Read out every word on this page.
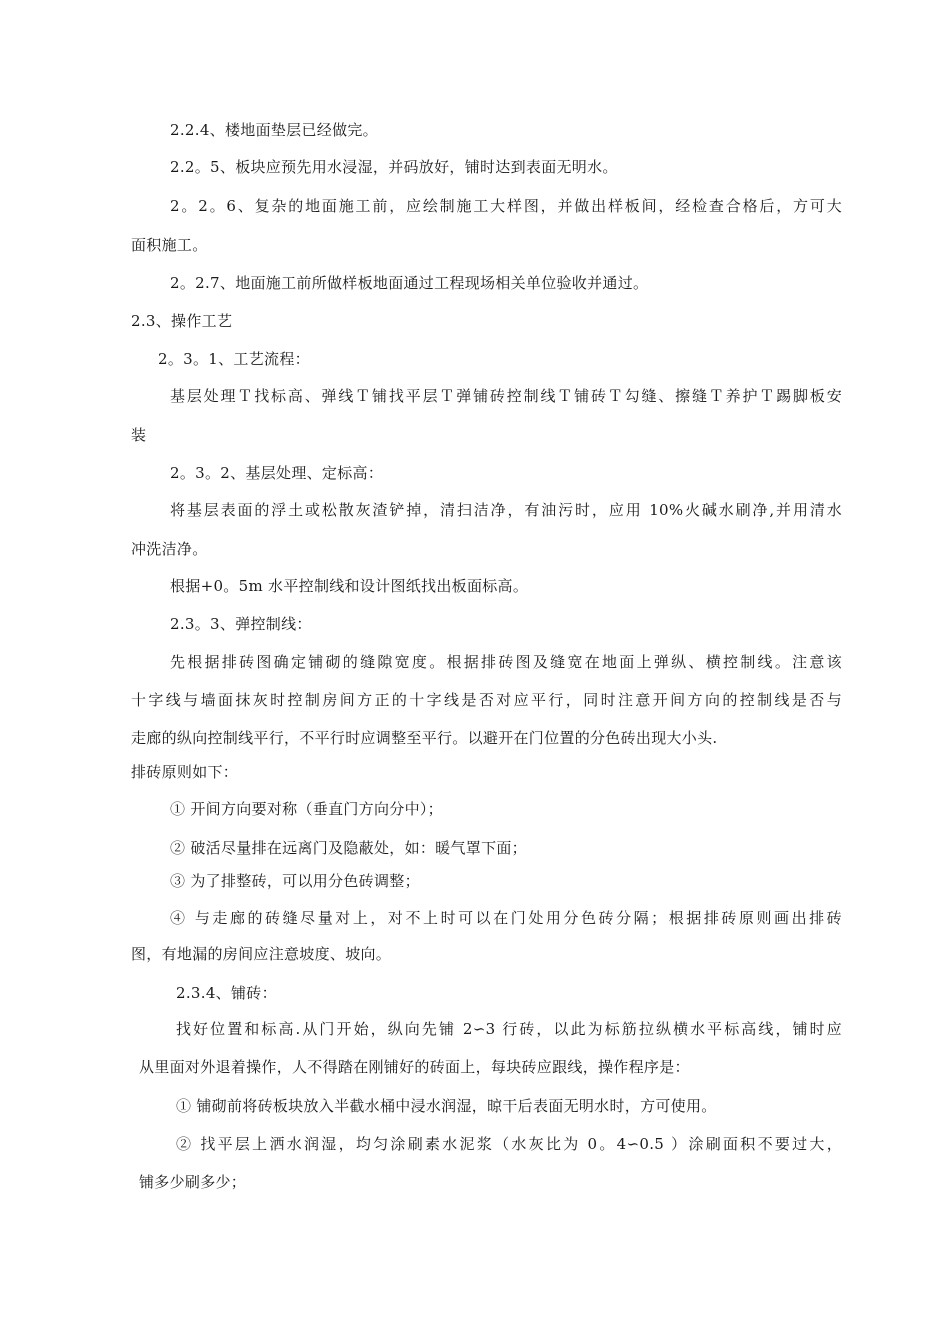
2.2.4、楼地面垫层已经做完。
2.2。5、板块应预先用水浸湿，并码放好，铺时达到表面无明水。
2。2。6、复杂的地面施工前，应绘制施工大样图，并做出样板间，经检查合格后，方可大
面积施工。
2。2.7、地面施工前所做样板地面通过工程现场相关单位验收并通过。
2.3、操作工艺
2。3。1、工艺流程：
基层处理Ｔ找标高、弹线Ｔ铺找平层Ｔ弹铺砖控制线Ｔ铺砖Ｔ勾缝、擦缝Ｔ养护Ｔ踢脚板安
装
2。3。2、基层处理、定标高：
将基层表面的浮土或松散灰渣铲掉，清扫洁净，有油污时，应用 10%火碱水刷净,并用清水
冲洗洁净。
根据+0。5m 水平控制线和设计图纸找出板面标高。
2.3。3、弹控制线：
先根据排砖图确定铺砌的缝隙宽度。根据排砖图及缝宽在地面上弹纵、横控制线。注意该
十字线与墙面抹灰时控制房间方正的十字线是否对应平行，同时注意开间方向的控制线是否与
走廊的纵向控制线平行，不平行时应调整至平行。以避开在门位置的分色砖出现大小头.
排砖原则如下：
① 开间方向要对称（垂直门方向分中）；
② 破活尽量排在远离门及隐蔽处，如：暖气罩下面；
③ 为了排整砖，可以用分色砖调整；
④ 与走廊的砖缝尽量对上，对不上时可以在门处用分色砖分隔；根据排砖原则画出排砖
图，有地漏的房间应注意坡度、坡向。
2.3.4、铺砖：
找好位置和标高.从门开始，纵向先铺 2∽3 行砖，以此为标筋拉纵横水平标高线，铺时应
从里面对外退着操作，人不得踏在刚铺好的砖面上，每块砖应跟线，操作程序是：
① 铺砌前将砖板块放入半截水桶中浸水润湿，晾干后表面无明水时，方可使用。
② 找平层上洒水润湿，均匀涂刷素水泥浆（水灰比为 0。4∽0.5 ）涂刷面积不要过大，
铺多少刷多少；
